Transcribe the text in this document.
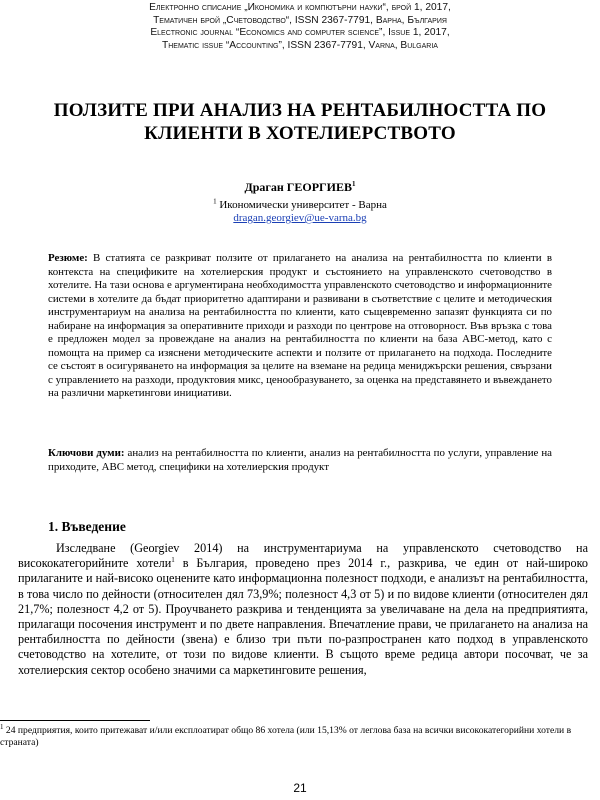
Електронно списание „Икономика и компютърни науки“, брой 1, 2017,
Тематичен брой „Счетоводство“, ISSN 2367-7791, Варна, България
Electronic journal “Economics and computer science”, Issue 1, 2017,
Thematic issue “Accounting”, ISSN 2367-7791, Varna, Bulgaria
ПОЛЗИТЕ ПРИ АНАЛИЗ НА РЕНТАБИЛНОСТТА ПО КЛИЕНТИ В ХОТЕЛИЕРСТВОТО
Драган ГЕОРГИЕВ$^1$
$^1$ Икономически университет - Варна
dragan.georgiev@ue-varna.bg
Резюме: В статията се разкриват ползите от прилагането на анализа на рентабилността по клиенти в контекста на спецификите на хотелиерския продукт и състоянието на управленското счетоводство в хотелите. На тази основа е аргументирана необходимостта управленското счетоводство и информационните системи в хотелите да бъдат приоритетно адаптирани и развивани в съответствие с целите и методическия инструментариум на анализа на рентабилността по клиенти, като същевременно запазят функцията си по набиране на информация за оперативните приходи и разходи по центрове на отговорност. Във връзка с това е предложен модел за провеждане на анализ на рентабилността по клиенти на база ABC-метод, като с помощта на пример са изяснени методическите аспекти и ползите от прилагането на подхода. Последните се състоят в осигуряването на информация за целите на вземане на редица мениджърски решения, свързани с управлението на разходи, продуктовия микс, ценообразуването, за оценка на представянето и въвеждането на различни маркетингови инициативи.
Ключови думи: анализ на рентабилността по клиенти, анализ на рентабилността по услуги, управление на приходите, ABC метод, специфики на хотелиерския продукт
1. Въведение
Изследване (Georgiev 2014) на инструментариума на управленското счетоводство на висококатегорийните хотели$^1$ в България, проведено през 2014 г., разкрива, че един от най-широко прилаганите и най-високо оценените като информационна полезност подходи, е анализът на рентабилността, в това число по дейности (относителен дял 73,9%; полезност 4,3 от 5) и по видове клиенти (относителен дял 21,7%; полезност 4,2 от 5). Проучването разкрива и тенденцията за увеличаване на дела на предприятията, прилагащи посочения инструмент и по двете направления. Впечатление прави, че прилагането на анализа на рентабилността по дейности (звена) е близо три пъти по-разпространен като подход в управленското счетоводство на хотелите, от този по видове клиенти. В същото време редица автори посочват, че за хотелиерския сектор особено значими са маркетинговите решения,
$^1$ 24 предприятия, които притежават и/или експлоатират общо 86 хотела (или 15,13% от леглова база на всички висококатегорийни хотели в страната)
21
